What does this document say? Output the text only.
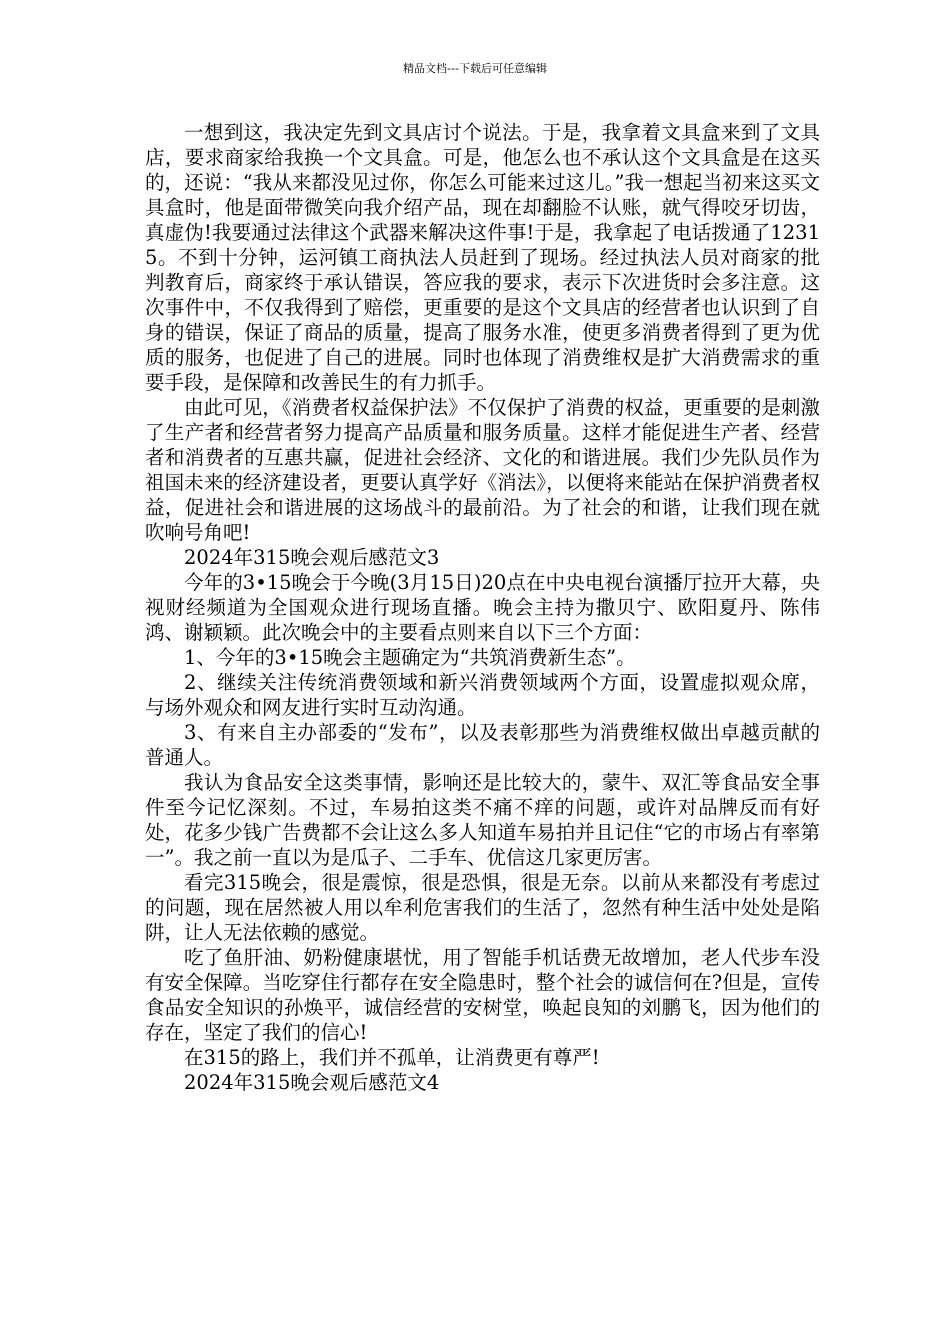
精品文档---下载后可任意编辑

一想到这，我决定先到文具店讨个说法。于是，我拿着文具盒来到了文具店，要求商家给我换一个文具盒。可是，他怎么也不承认这个文具盒是在这买的，还说：“我从来都没见过你，你怎么可能来过这儿。”我一想起当初来这买文具盒时，他是面带微笑向我介绍产品，现在却翻脸不认账，就气得咬牙切齿，真虚伪!我要通过法律这个武器来解决这件事!于是，我拿起了电话拨通了12315。不到十分钟，运河镇工商执法人员赶到了现场。经过执法人员对商家的批判教育后，商家终于承认错误，答应我的要求，表示下次进货时会多注意。这次事件中，不仅我得到了赔偿，更重要的是这个文具店的经营者也认识到了自身的错误，保证了商品的质量，提高了服务水准，使更多消费者得到了更为优质的服务，也促进了自己的进展。同时也体现了消费维权是扩大消费需求的重要手段，是保障和改善民生的有力抓手。

由此可见，《消费者权益保护法》不仅保护了消费的权益，更重要的是刺激了生产者和经营者努力提高产品质量和服务质量。这样才能促进生产者、经营者和消费者的互惠共赢，促进社会经济、文化的和谐进展。我们少先队员作为祖国未来的经济建设者，更要认真学好《消法》，以便将来能站在保护消费者权益，促进社会和谐进展的这场战斗的最前沿。为了社会的和谐，让我们现在就吹响号角吧!

2024年315晚会观后感范文3

今年的3•15晚会于今晚(3月15日)20点在中央电视台演播厅拉开大幕，央视财经频道为全国观众进行现场直播。晚会主持为撒贝宁、欧阳夏丹、陈伟鸿、谢颖颖。此次晚会中的主要看点则来自以下三个方面：

1、今年的3•15晚会主题确定为“共筑消费新生态”。

2、继续关注传统消费领域和新兴消费领域两个方面，设置虚拟观众席，与场外观众和网友进行实时互动沟通。

3、有来自主办部委的“发布”，以及表彰那些为消费维权做出卓越贡献的普通人。

我认为食品安全这类事情，影响还是比较大的，蒙牛、双汇等食品安全事件至今记忆深刻。不过，车易拍这类不痛不痒的问题，或许对品牌反而有好处，花多少钱广告费都不会让这么多人知道车易拍并且记住“它的市场占有率第一”。我之前一直以为是瓜子、二手车、优信这几家更厉害。

看完315晚会，很是震惊，很是恐惧，很是无奈。以前从来都没有考虑过的问题，现在居然被人用以牟利危害我们的生活了，忽然有种生活中处处是陷阱，让人无法依赖的感觉。

吃了鱼肝油、奶粉健康堪忧，用了智能手机话费无故增加，老人代步车没有安全保障。当吃穿住行都存在安全隐患时，整个社会的诚信何在?但是，宣传食品安全知识的孙焕平，诚信经营的安树堂，唤起良知的刘鹏飞，因为他们的存在，坚定了我们的信心!

在315的路上，我们并不孤单，让消费更有尊严!

2024年315晚会观后感范文4
